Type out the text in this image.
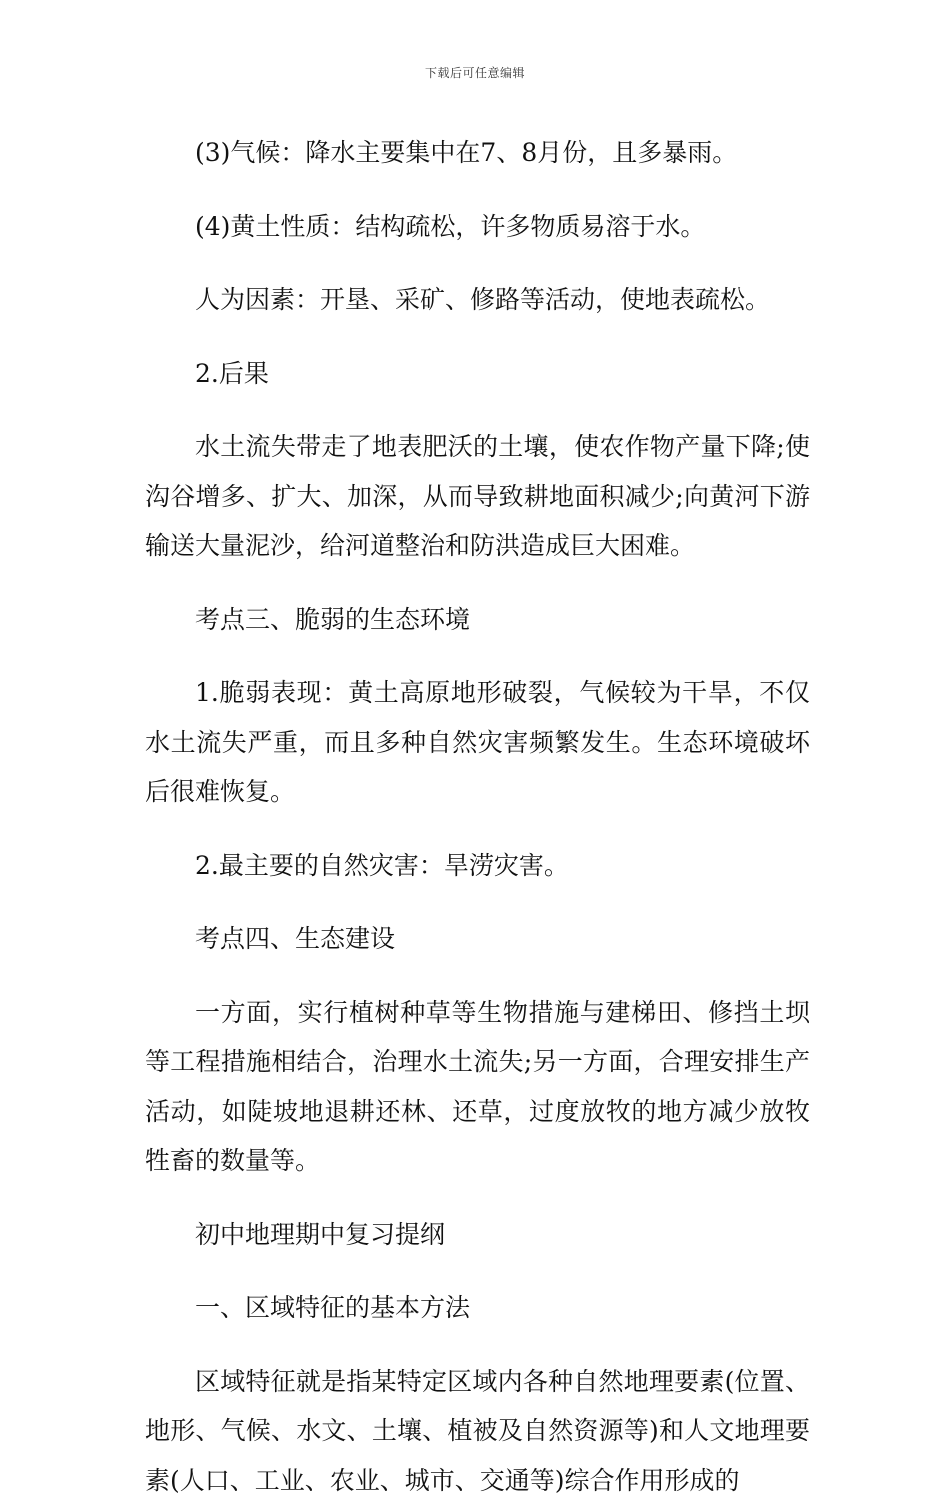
下载后可任意编辑

(3)气候：降水主要集中在7、8月份，且多暴雨。

(4)黄土性质：结构疏松，许多物质易溶于水。

人为因素：开垦、采矿、修路等活动，使地表疏松。

2.后果

水土流失带走了地表肥沃的土壤，使农作物产量下降;使沟谷增多、扩大、加深，从而导致耕地面积减少;向黄河下游输送大量泥沙，给河道整治和防洪造成巨大困难。

考点三、脆弱的生态环境

1.脆弱表现：黄土高原地形破裂，气候较为干旱，不仅水土流失严重，而且多种自然灾害频繁发生。生态环境破坏后很难恢复。

2.最主要的自然灾害：旱涝灾害。

考点四、生态建设

一方面，实行植树种草等生物措施与建梯田、修挡土坝等工程措施相结合，治理水土流失;另一方面，合理安排生产活动，如陡坡地退耕还林、还草，过度放牧的地方减少放牧牲畜的数量等。

初中地理期中复习提纲

一、区域特征的基本方法

区域特征就是指某特定区域内各种自然地理要素(位置、地形、气候、水文、土壤、植被及自然资源等)和人文地理要素(人口、工业、农业、城市、交通等)综合作用形成的
